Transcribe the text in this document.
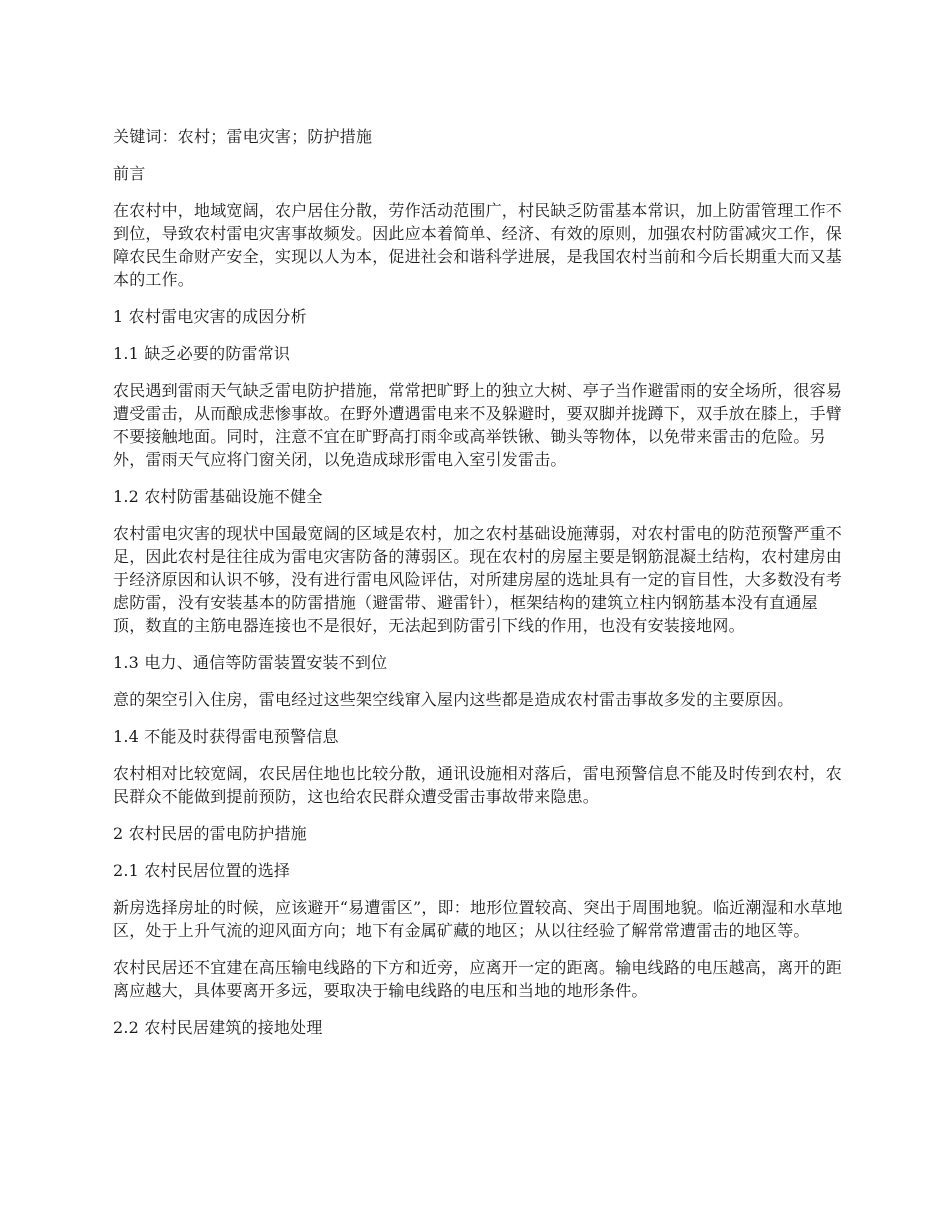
关键词：农村；雷电灾害；防护措施

前言

在农村中，地域宽阔，农户居住分散，劳作活动范围广，村民缺乏防雷基本常识，加上防雷管理工作不到位，导致农村雷电灾害事故频发。因此应本着简单、经济、有效的原则，加强农村防雷减灾工作，保障农民生命财产安全，实现以人为本，促进社会和谐科学进展，是我国农村当前和今后长期重大而又基本的工作。

1 农村雷电灾害的成因分析

1.1 缺乏必要的防雷常识

农民遇到雷雨天气缺乏雷电防护措施，常常把旷野上的独立大树、亭子当作避雷雨的安全场所，很容易遭受雷击，从而酿成悲惨事故。在野外遭遇雷电来不及躲避时，要双脚并拢蹲下，双手放在膝上，手臂不要接触地面。同时，注意不宜在旷野高打雨伞或高举铁锹、锄头等物体，以免带来雷击的危险。另外，雷雨天气应将门窗关闭，以免造成球形雷电入室引发雷击。

1.2 农村防雷基础设施不健全

农村雷电灾害的现状中国最宽阔的区域是农村，加之农村基础设施薄弱，对农村雷电的防范预警严重不足，因此农村是往往成为雷电灾害防备的薄弱区。现在农村的房屋主要是钢筋混凝土结构，农村建房由于经济原因和认识不够，没有进行雷电风险评估，对所建房屋的选址具有一定的盲目性，大多数没有考虑防雷，没有安装基本的防雷措施（避雷带、避雷针），框架结构的建筑立柱内钢筋基本没有直通屋顶，数直的主筋电器连接也不是很好，无法起到防雷引下线的作用，也没有安装接地网。

1.3 电力、通信等防雷装置安装不到位

意的架空引入住房，雷电经过这些架空线窜入屋内这些都是造成农村雷击事故多发的主要原因。

1.4 不能及时获得雷电预警信息

农村相对比较宽阔，农民居住地也比较分散，通讯设施相对落后，雷电预警信息不能及时传到农村，农民群众不能做到提前预防，这也给农民群众遭受雷击事故带来隐患。

2 农村民居的雷电防护措施

2.1 农村民居位置的选择

新房选择房址的时候，应该避开“易遭雷区”，即：地形位置较高、突出于周围地貌。临近潮湿和水草地区，处于上升气流的迎风面方向；地下有金属矿藏的地区；从以往经验了解常常遭雷击的地区等。

农村民居还不宜建在高压输电线路的下方和近旁，应离开一定的距离。输电线路的电压越高，离开的距离应越大，具体要离开多远，要取决于输电线路的电压和当地的地形条件。

2.2 农村民居建筑的接地处理
